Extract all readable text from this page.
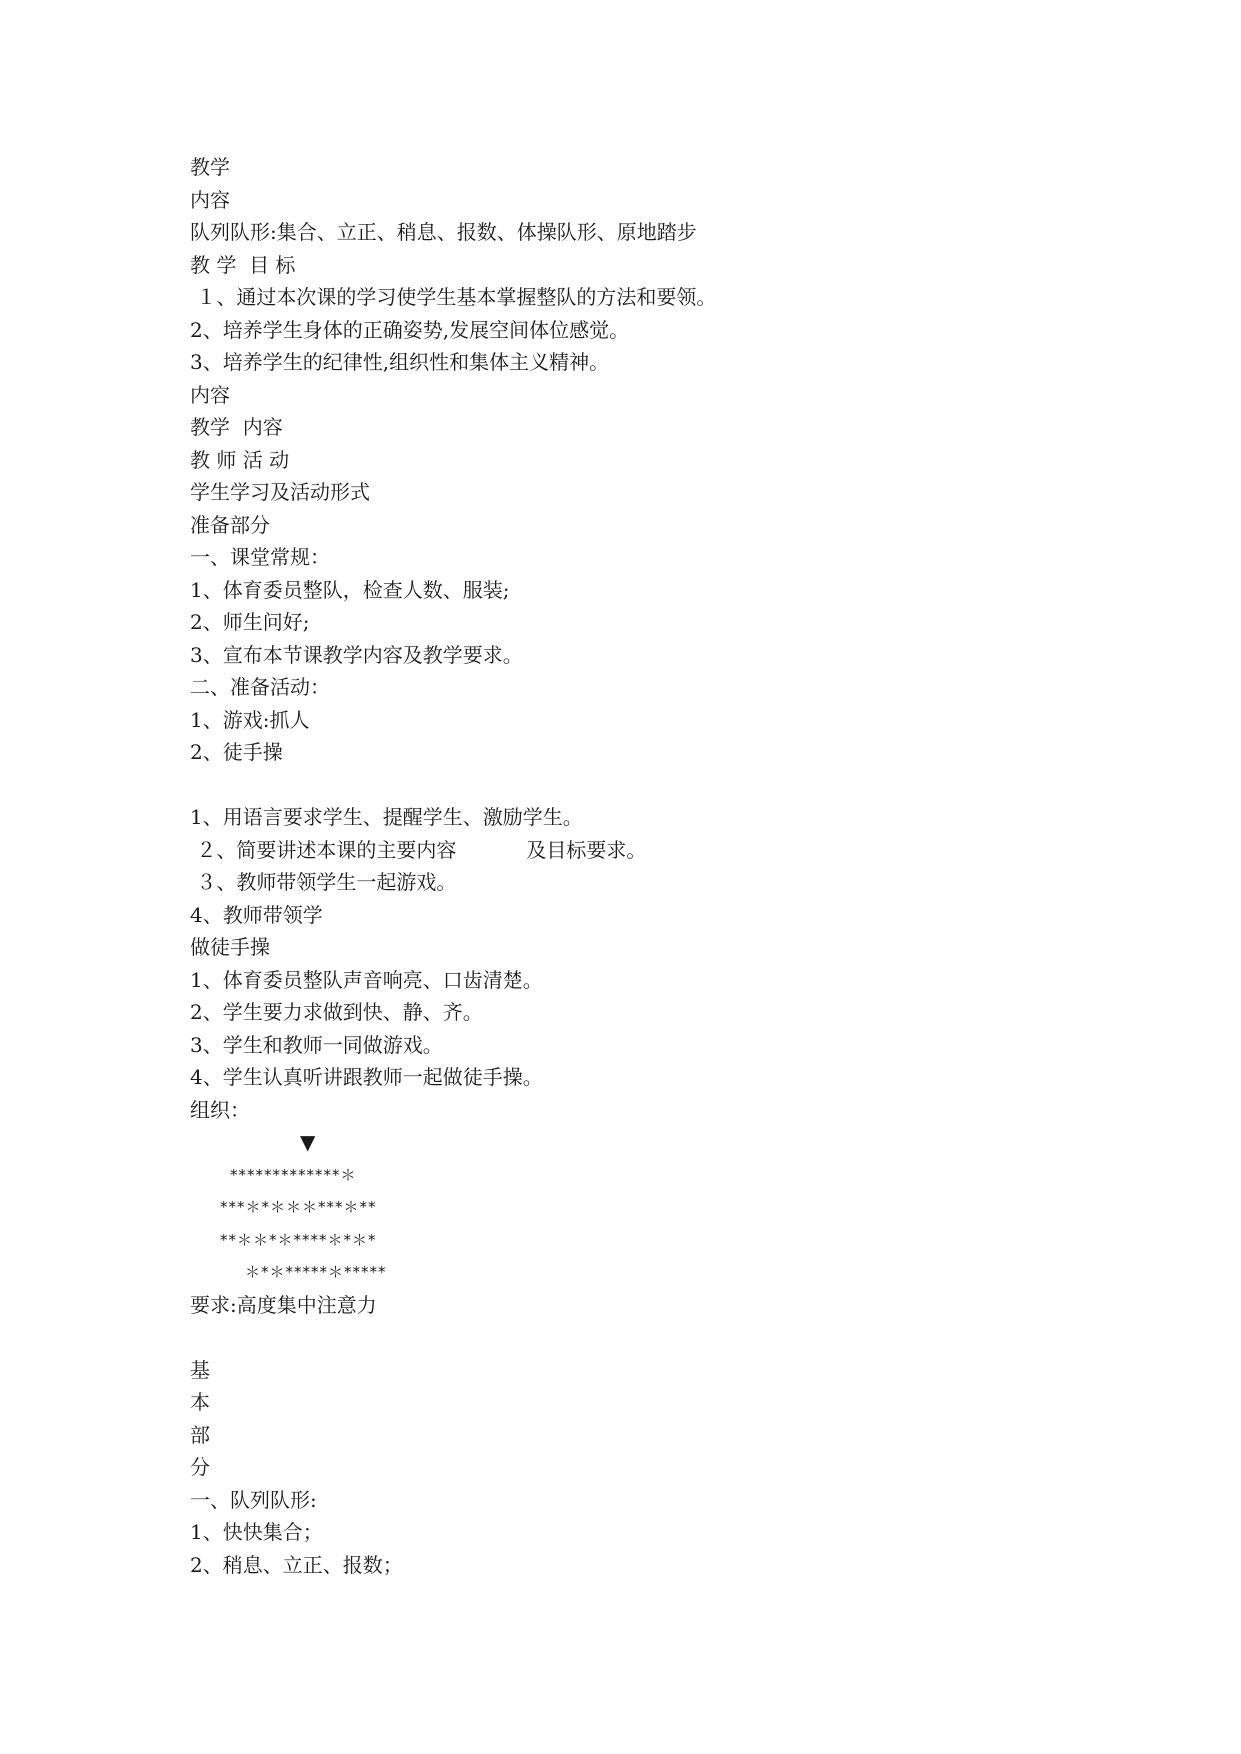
教学
内容
队列队形:集合、立正、稍息、报数、体操队形、原地踏步
教 学  目 标
１、通过本次课的学习使学生基本掌握整队的方法和要领。
2、培养学生身体的正确姿势,发展空间体位感觉。
3、培养学生的纪律性,组织性和集体主义精神。
内容
教学  内容
教 师 活 动
学生学习及活动形式
准备部分
一、课堂常规：
1、体育委员整队，检查人数、服装;
2、师生问好;
3、宣布本节课教学内容及教学要求。
二、准备活动：
1、游戏:抓人
2、徒手操
1、用语言要求学生、提醒学生、激励学生。
２、简要讲述本课的主要内容	及目标要求。
３、教师带领学生一起游戏。
4、教师带领学
做徒手操
1、体育委员整队声音响亮、口齿清楚。
2、学生要力求做到快、静、齐。
3、学生和教师一同做游戏。
4、学生认真听讲跟教师一起做徒手操。
组织：
▼
*************＊
***＊*＊＊＊***＊**
**＊＊*＊****＊*＊*
＊*＊*****＊*****
要求:高度集中注意力
基
本
部
分
一、队列队形:
1、快快集合；
2、稍息、立正、报数；
